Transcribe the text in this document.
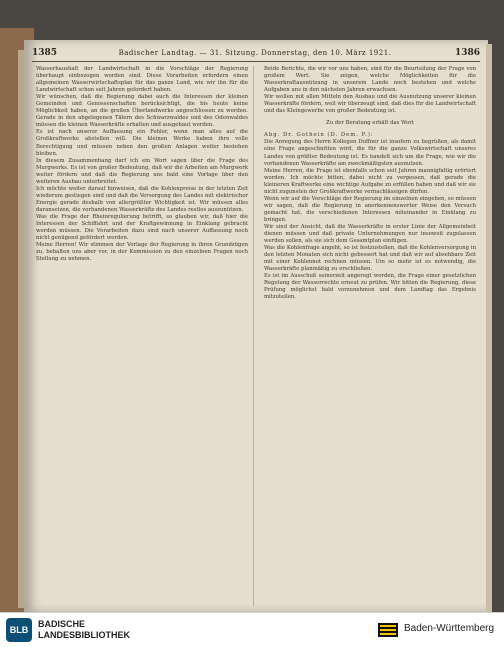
1385	Badischer Landtag. — 31. Sitzung. Donnerstag, den 10. März 1921.	1386

Wasserhaushalt der Landwirtschaft in die Vorschläge der Regierung überhaupt einbezogen worden sind. Diese Vorarbeiten erfordern einen allgemeinen Wasserwirtschaftsplan für das ganze Land, wie wir ihn für die Landwirtschaft schon seit Jahren gefordert haben.

Wir wünschen, daß die Regierung dabei auch die Interessen der kleinen Gemeinden und Genossenschaften berücksichtigt, die bis heute keine Möglichkeit haben, an die großen Überlandwerke angeschlossen zu werden. Gerade in den abgelegenen Tälern des Schwarzwaldes und des Odenwaldes müssen die kleinen Wasserkräfte erhalten und ausgebaut werden.

Es ist nach unserer Auffassung ein Fehler, wenn man alles auf die Großkraftwerke abstellen will. Die kleinen Werke haben ihre volle Berechtigung und müssen neben den großen Anlagen weiter bestehen bleiben.

In diesem Zusammenhang darf ich ein Wort sagen über die Frage des Murgwerks. Es ist von großer Bedeutung, daß wir die Arbeiten am Murgwerk weiter fördern und daß die Regierung uns bald eine Vorlage über den weiteren Ausbau unterbreitet.

Ich möchte weiter darauf hinweisen, daß die Kohlenpreise in der letzten Zeit wiederum gestiegen sind und daß die Versorgung des Landes mit elektrischer Energie gerade deshalb von allergrößter Wichtigkeit ist. Wir müssen alles daransetzen, die vorhandenen Wasserkräfte des Landes restlos auszunützen.

Was die Frage der Rheinregulierung betrifft, so glauben wir, daß hier die Interessen der Schiffahrt und der Kraftgewinnung in Einklang gebracht werden müssen. Die Vorarbeiten dazu sind nach unserer Auffassung noch nicht genügend gefördert worden.

Meine Herren! Wir stimmen der Vorlage der Regierung in ihren Grundzügen zu, behalten uns aber vor, in der Kommission zu den einzelnen Fragen noch Stellung zu nehmen.

Beide Berichte, die wir vor uns haben, sind für die Beurteilung der Frage von großem Wert. Sie zeigen, welche Möglichkeiten für die Wasserkraftausnützung in unserem Lande noch bestehen und welche Aufgaben uns in den nächsten Jahren erwachsen.

Wir wollen mit allen Mitteln den Ausbau und die Ausnutzung unserer kleinen Wasserkräfte fördern, weil wir überzeugt sind, daß dies für die Landwirtschaft und das Kleingewerbe von großer Bedeutung ist.

Zu der Beratung erhält das Wort

Abg. Dr. Gothein (D. Dem. P.):

Die Anregung des Herrn Kollegen Duffner ist insofern zu begrüßen, als damit eine Frage angeschnitten wird, die für die ganze Volkswirtschaft unseres Landes von größter Bedeutung ist. Es handelt sich um die Frage, wie wir die vorhandenen Wasserkräfte am zweckmäßigsten ausnutzen.

Meine Herren, die Frage ist ebenfalls schon seit Jahren mannigfaltig erörtert worden. Ich möchte bitten, dabei nicht zu vergessen, daß gerade die kleineren Kraftwerke eine wichtige Aufgabe zu erfüllen haben und daß wir sie nicht zugunsten der Großkraftwerke vernachlässigen dürfen.

Wenn wir auf die Vorschläge der Regierung im einzelnen eingehen, so müssen wir sagen, daß die Regierung in anerkennenswerter Weise den Versuch gemacht hat, die verschiedenen Interessen miteinander in Einklang zu bringen.

Wir sind der Ansicht, daß die Wasserkräfte in erster Linie der Allgemeinheit dienen müssen und daß private Unternehmungen nur insoweit zugelassen werden sollen, als sie sich dem Gesamtplan einfügen.

Was die Kohlenfrage angeht, so ist festzustellen, daß die Kohlenversorgung in den letzten Monaten sich nicht gebessert hat und daß wir auf absehbare Zeit mit einer Kohlennot rechnen müssen. Um so mehr ist es notwendig, die Wasserkräfte planmäßig zu erschließen.

Es ist im Ausschuß seinerzeit angeregt worden, die Frage einer gesetzlichen Regelung der Wasserrechte erneut zu prüfen. Wir bitten die Regierung, diese Prüfung möglichst bald vorzunehmen und dem Landtag das Ergebnis mitzuteilen.

BLB
BADISCHE
LANDESBIBLIOTHEK
Baden-Württemberg
